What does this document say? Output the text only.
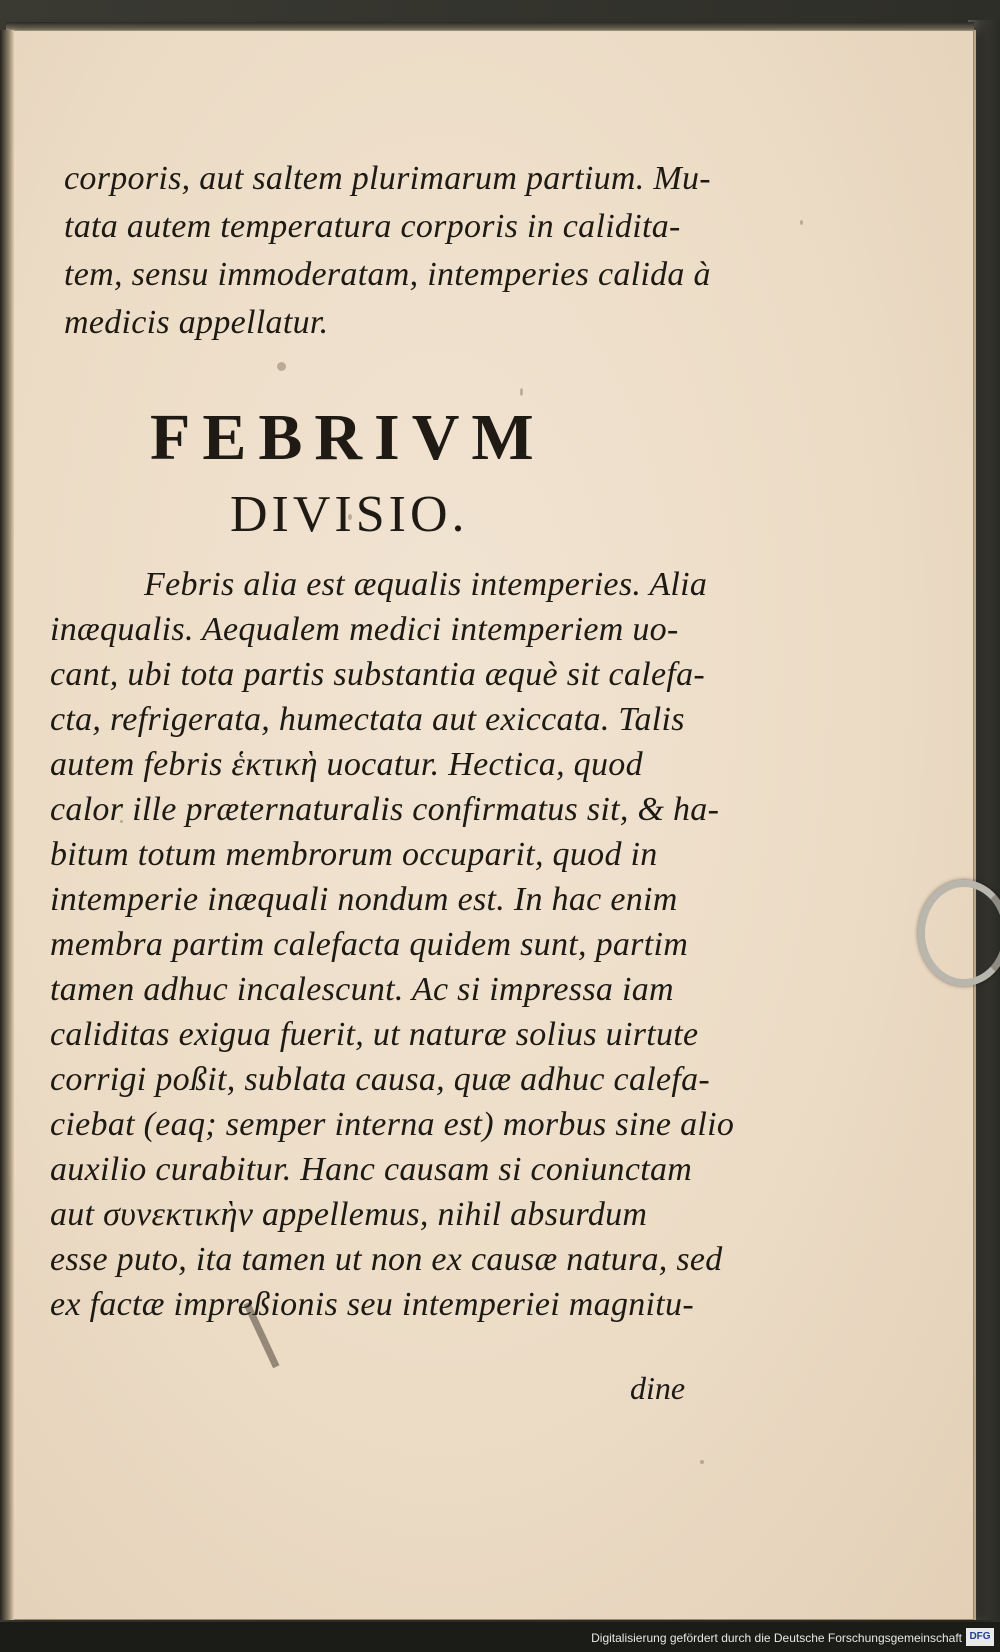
corporis, aut saltem plurimarum partium. Mu-
tata autem temperatura corporis in calidita-
tem, sensu immoderatam, intemperies calida à
medicis appellatur.
FEBRIVM
DIVISIO.
Febris alia est æqualis intemperies. Alia
inæqualis. Aequalem medici intemperiem uo-
cant, ubi tota partis substantia æquè sit calefa-
cta, refrigerata, humectata aut exiccata. Talis
autem febris ἑκτικὴ uocatur. Hectica, quod
calor ille præternaturalis confirmatus sit, & ha-
bitum totum membrorum occuparit, quod in
intemperie inæquali nondum est. In hac enim
membra partim calefacta quidem sunt, partim
tamen adhuc incalescunt. Ac si impressa iam
caliditas exigua fuerit, ut naturæ solius uirtute
corrigi poßit, sublata causa, quæ adhuc calefa-
ciebat (eaq; semper interna est) morbus sine alio
auxilio curabitur. Hanc causam si coniunctam
aut συνεκτικὴν appellemus, nihil absurdum
esse puto, ita tamen ut non ex causæ natura, sed
ex factæ impreßionis seu intemperiei magnitu-
dine
Digitalisierung gefördert durch die Deutsche Forschungsgemeinschaft DFG
